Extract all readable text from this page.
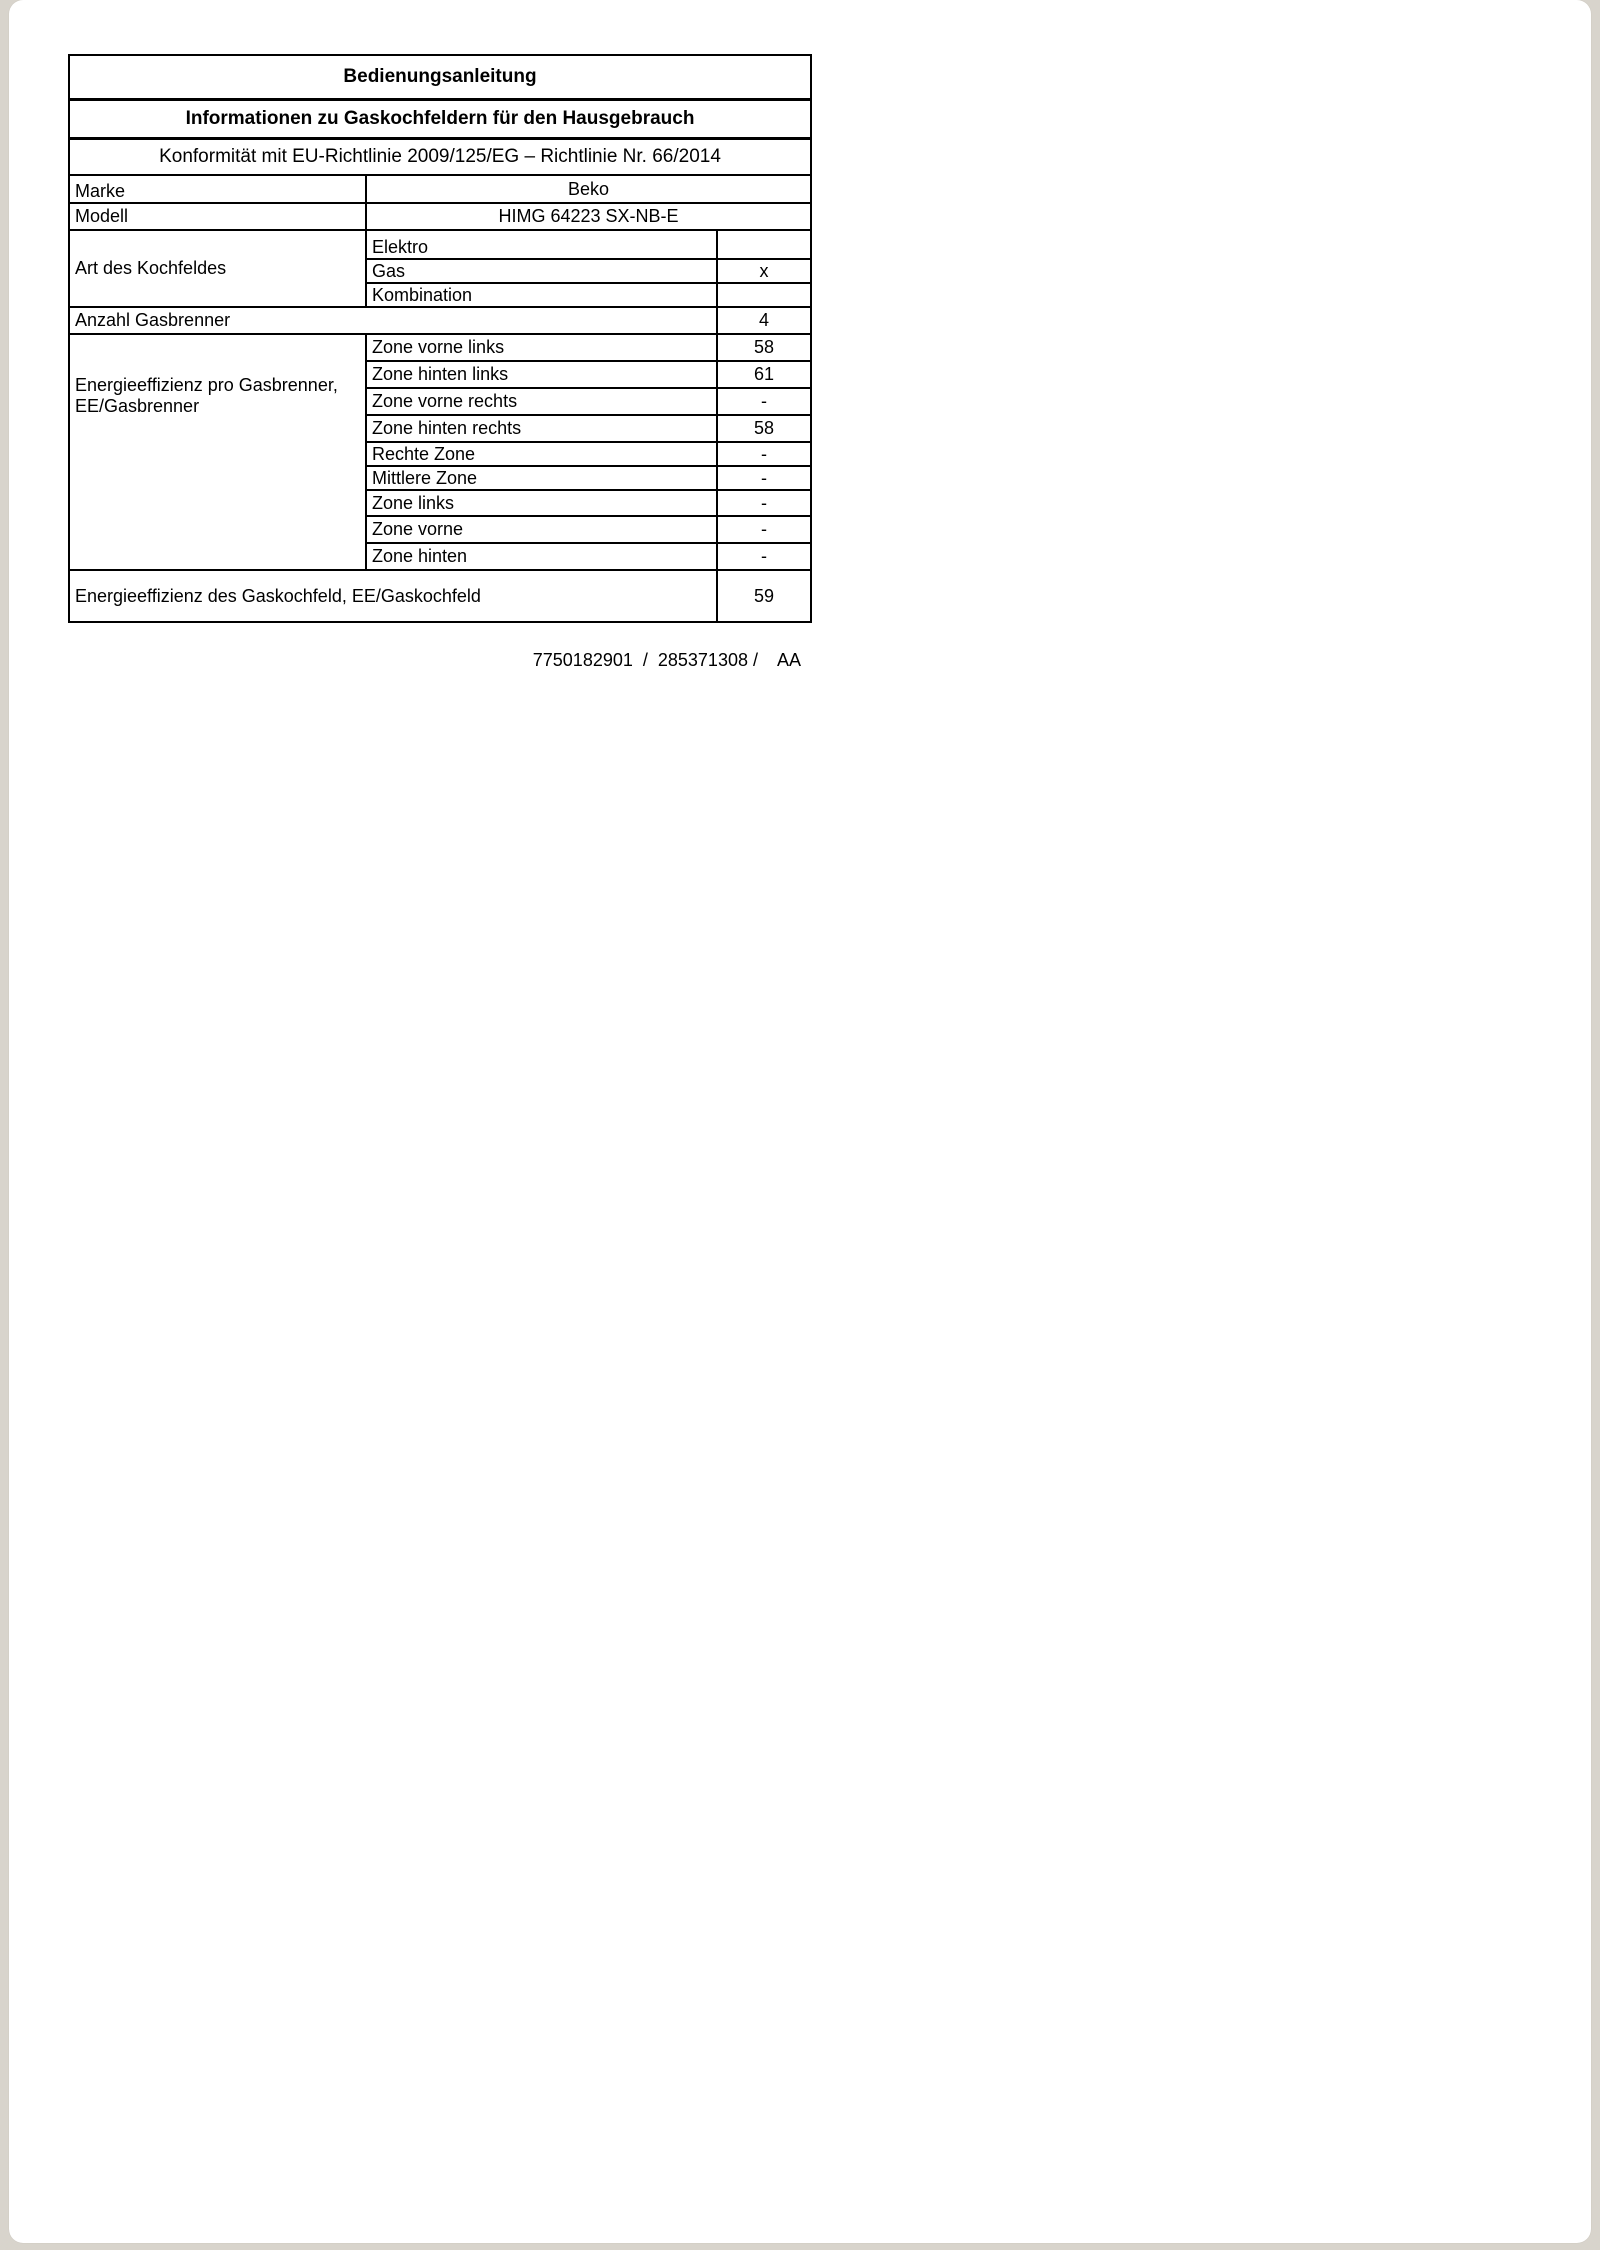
Bedienungsanleitung		
Informationen zu Gaskochfeldern für den Hausgebrauch		
Konformität mit EU-Richtlinie 2009/125/EG – Richtlinie Nr. 66/2014		
Marke	Beko	
Modell	HIMG 64223 SX-NB-E	
Art des Kochfeldes	Elektro	
	Gas	x
	Kombination	
Anzahl Gasbrenner		4
Energieeffizienz pro Gasbrenner, EE/Gasbrenner	Zone vorne links	58
	Zone hinten links	61
	Zone vorne rechts	-
	Zone hinten rechts	58
	Rechte Zone	-
	Mittlere Zone	-
	Zone links	-
	Zone vorne	-
	Zone hinten	-
Energieeffizienz des Gaskochfeld, EE/Gaskochfeld		59
7750182901  /  285371308 /    AA
